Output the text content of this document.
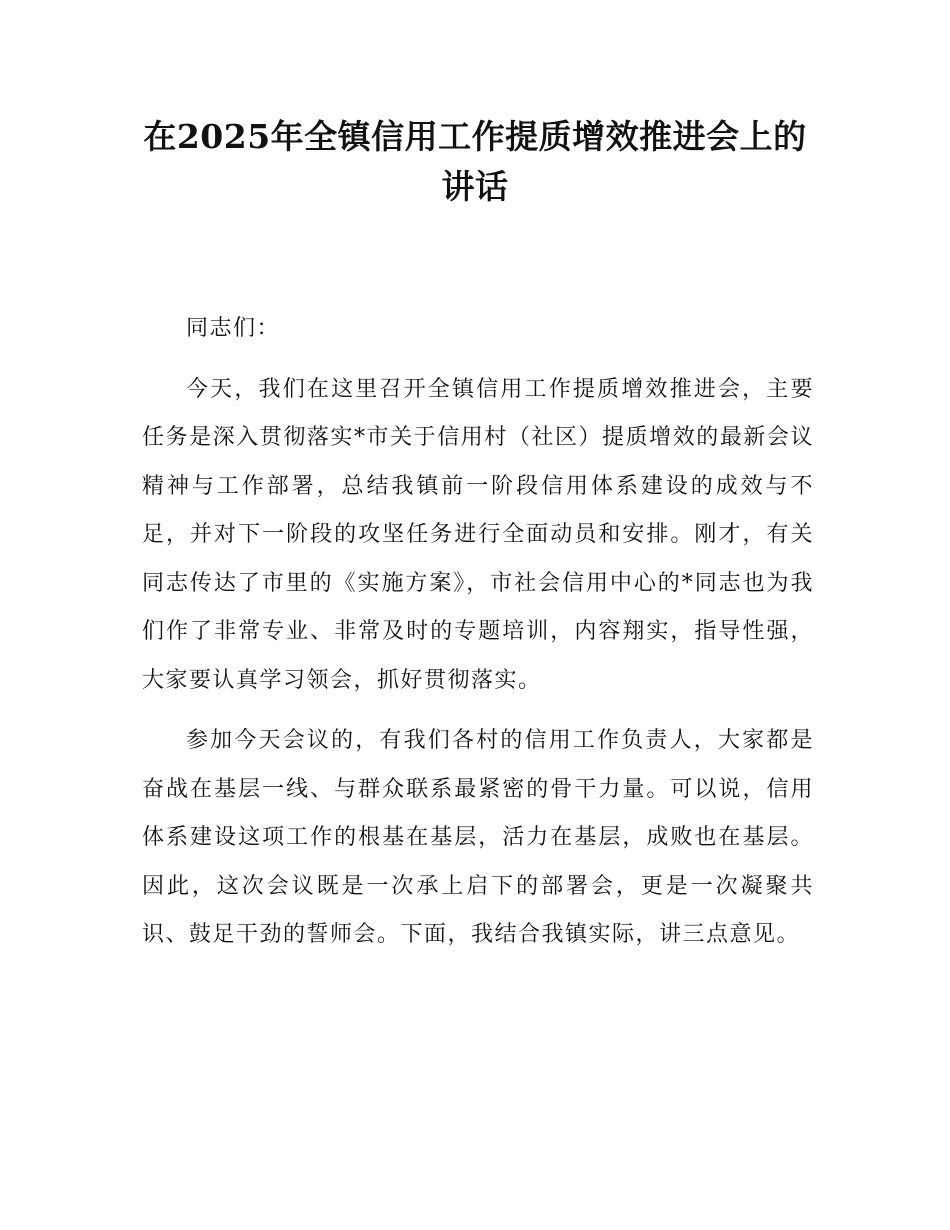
在2025年全镇信用工作提质增效推进会上的
讲话

同志们：

今天，我们在这里召开全镇信用工作提质增效推进会，主要任务是深入贯彻落实*市关于信用村（社区）提质增效的最新会议精神与工作部署，总结我镇前一阶段信用体系建设的成效与不足，并对下一阶段的攻坚任务进行全面动员和安排。刚才，有关同志传达了市里的《实施方案》，市社会信用中心的*同志也为我们作了非常专业、非常及时的专题培训，内容翔实，指导性强，大家要认真学习领会，抓好贯彻落实。

参加今天会议的，有我们各村的信用工作负责人，大家都是奋战在基层一线、与群众联系最紧密的骨干力量。可以说，信用体系建设这项工作的根基在基层，活力在基层，成败也在基层。因此，这次会议既是一次承上启下的部署会，更是一次凝聚共识、鼓足干劲的誓师会。下面，我结合我镇实际，讲三点意见。
